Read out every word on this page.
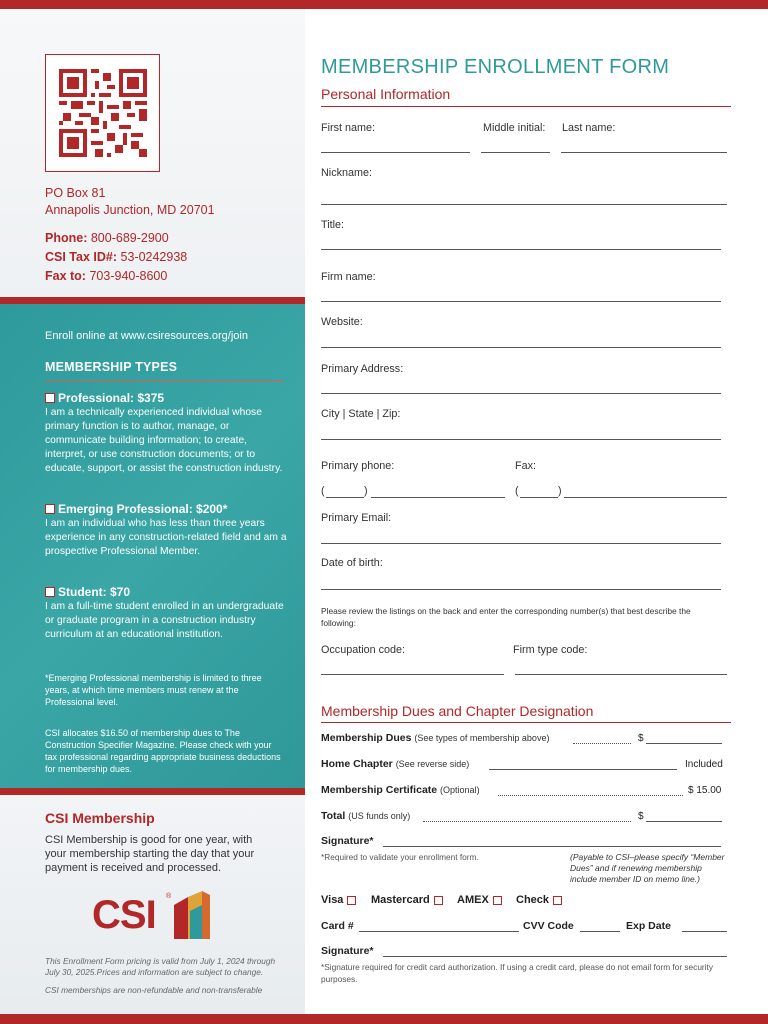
PO Box 81
Annapolis Junction, MD 20701
Phone: 800-689-2900
CSI Tax ID#: 53-0242938
Fax to: 703-940-8600
Enroll online at www.csiresources.org/join
MEMBERSHIP TYPES
Professional: $375
I am a technically experienced individual whose primary function is to author, manage, or communicate building information; to create, interpret, or use construction documents; or to educate, support, or assist the construction industry.
Emerging Professional: $200*
I am an individual who has less than three years experience in any construction-related field and am a prospective Professional Member.
Student: $70
I am a full-time student enrolled in an undergraduate or graduate program in a construction industry curriculum at an educational institution.
*Emerging Professional membership is limited to three years, at which time members must renew at the Professional level.
CSI allocates $16.50 of membership dues to The Construction Specifier Magazine. Please check with your tax professional regarding appropriate business deductions for membership dues.
CSI Membership
CSI Membership is good for one year, with your membership starting the day that your payment is received and processed.
CSI ®
This Enrollment Form pricing is valid from July 1, 2024 through July 30, 2025.Prices and information are subject to change.
CSI memberships are non-refundable and non-transferable
MEMBERSHIP ENROLLMENT FORM
Personal Information
First name:	Middle initial: Last name:
Nickname:
Title:
Firm name:
Website:
Primary Address:
City | State | Zip:
Primary phone:	Fax:
(	)	(	)
Primary Email:
Date of birth:
Please review the listings on the back and enter the corresponding number(s) that best describe the following:
Occupation code:	Firm type code:
Membership Dues and Chapter Designation
Membership Dues (See types of membership above)	$
Home Chapter (See reverse side)	Included
Membership Certificate (Optional)	$ 15.00
Total (US funds only)	$
Signature*
*Required to validate your enrollment form.	(Payable to CSI–please specify “Member Dues” and if renewing membership include member ID on memo line.)
Visa	Mastercard AMEX Check
Card #	CVV Code	Exp Date
Signature*
*Signature required for credit card authorization. If using a credit card, please do not email form for security purposes.
